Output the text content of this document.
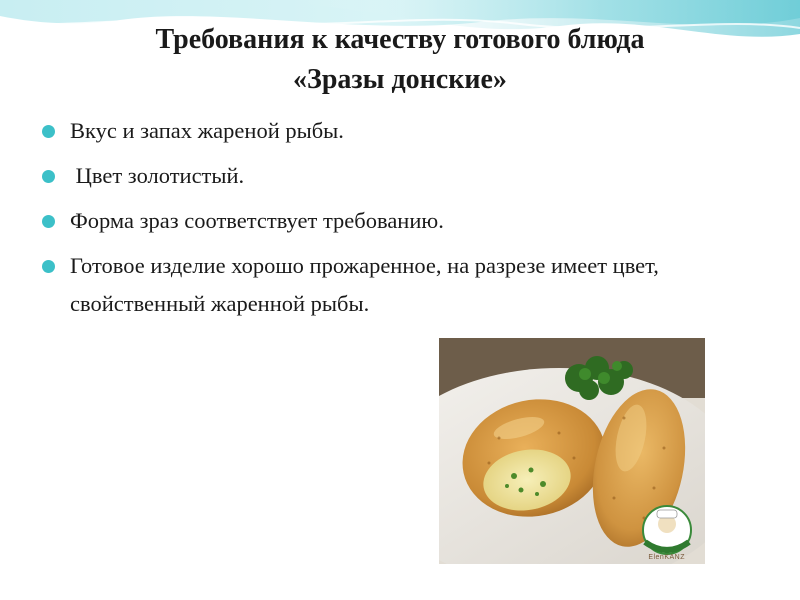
Требования к качеству готового блюда
«Зразы донские»
Вкус и запах жареной рыбы.
Цвет золотистый.
Форма зраз соответствует требованию.
Готовое изделие хорошо прожаренное, на разрезе имеет цвет, свойственный жаренной рыбы.
ElenKANZ
